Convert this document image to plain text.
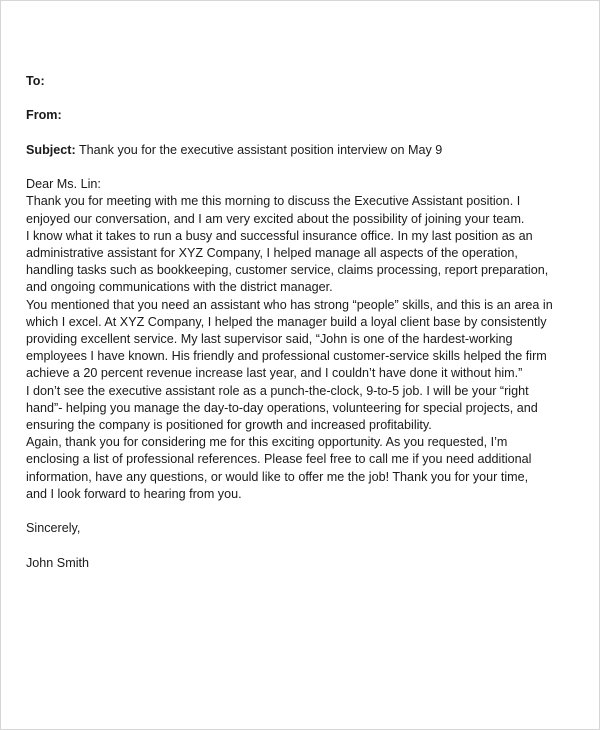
To:

From:

Subject: Thank you for the executive assistant position interview on May 9

Dear Ms. Lin:

Thank you for meeting with me this morning to discuss the Executive Assistant position. I

enjoyed our conversation, and I am very excited about the possibility of joining your team.

I know what it takes to run a busy and successful insurance office. In my last position as an

administrative assistant for XYZ Company, I helped manage all aspects of the operation,

handling tasks such as bookkeeping, customer service, claims processing, report preparation,

and ongoing communications with the district manager.

You mentioned that you need an assistant who has strong “people” skills, and this is an area in

which I excel. At XYZ Company, I helped the manager build a loyal client base by consistently

providing excellent service. My last supervisor said, “John is one of the hardest-working

employees I have known. His friendly and professional customer-service skills helped the firm

achieve a 20 percent revenue increase last year, and I couldn’t have done it without him.”

I don’t see the executive assistant role as a punch-the-clock, 9-to-5 job. I will be your “right

hand”- helping you manage the day-to-day operations, volunteering for special projects, and

ensuring the company is positioned for growth and increased profitability.

Again, thank you for considering me for this exciting opportunity. As you requested, I’m

enclosing a list of professional references. Please feel free to call me if you need additional

information, have any questions, or would like to offer me the job! Thank you for your time,

and I look forward to hearing from you.

Sincerely,

John Smith
